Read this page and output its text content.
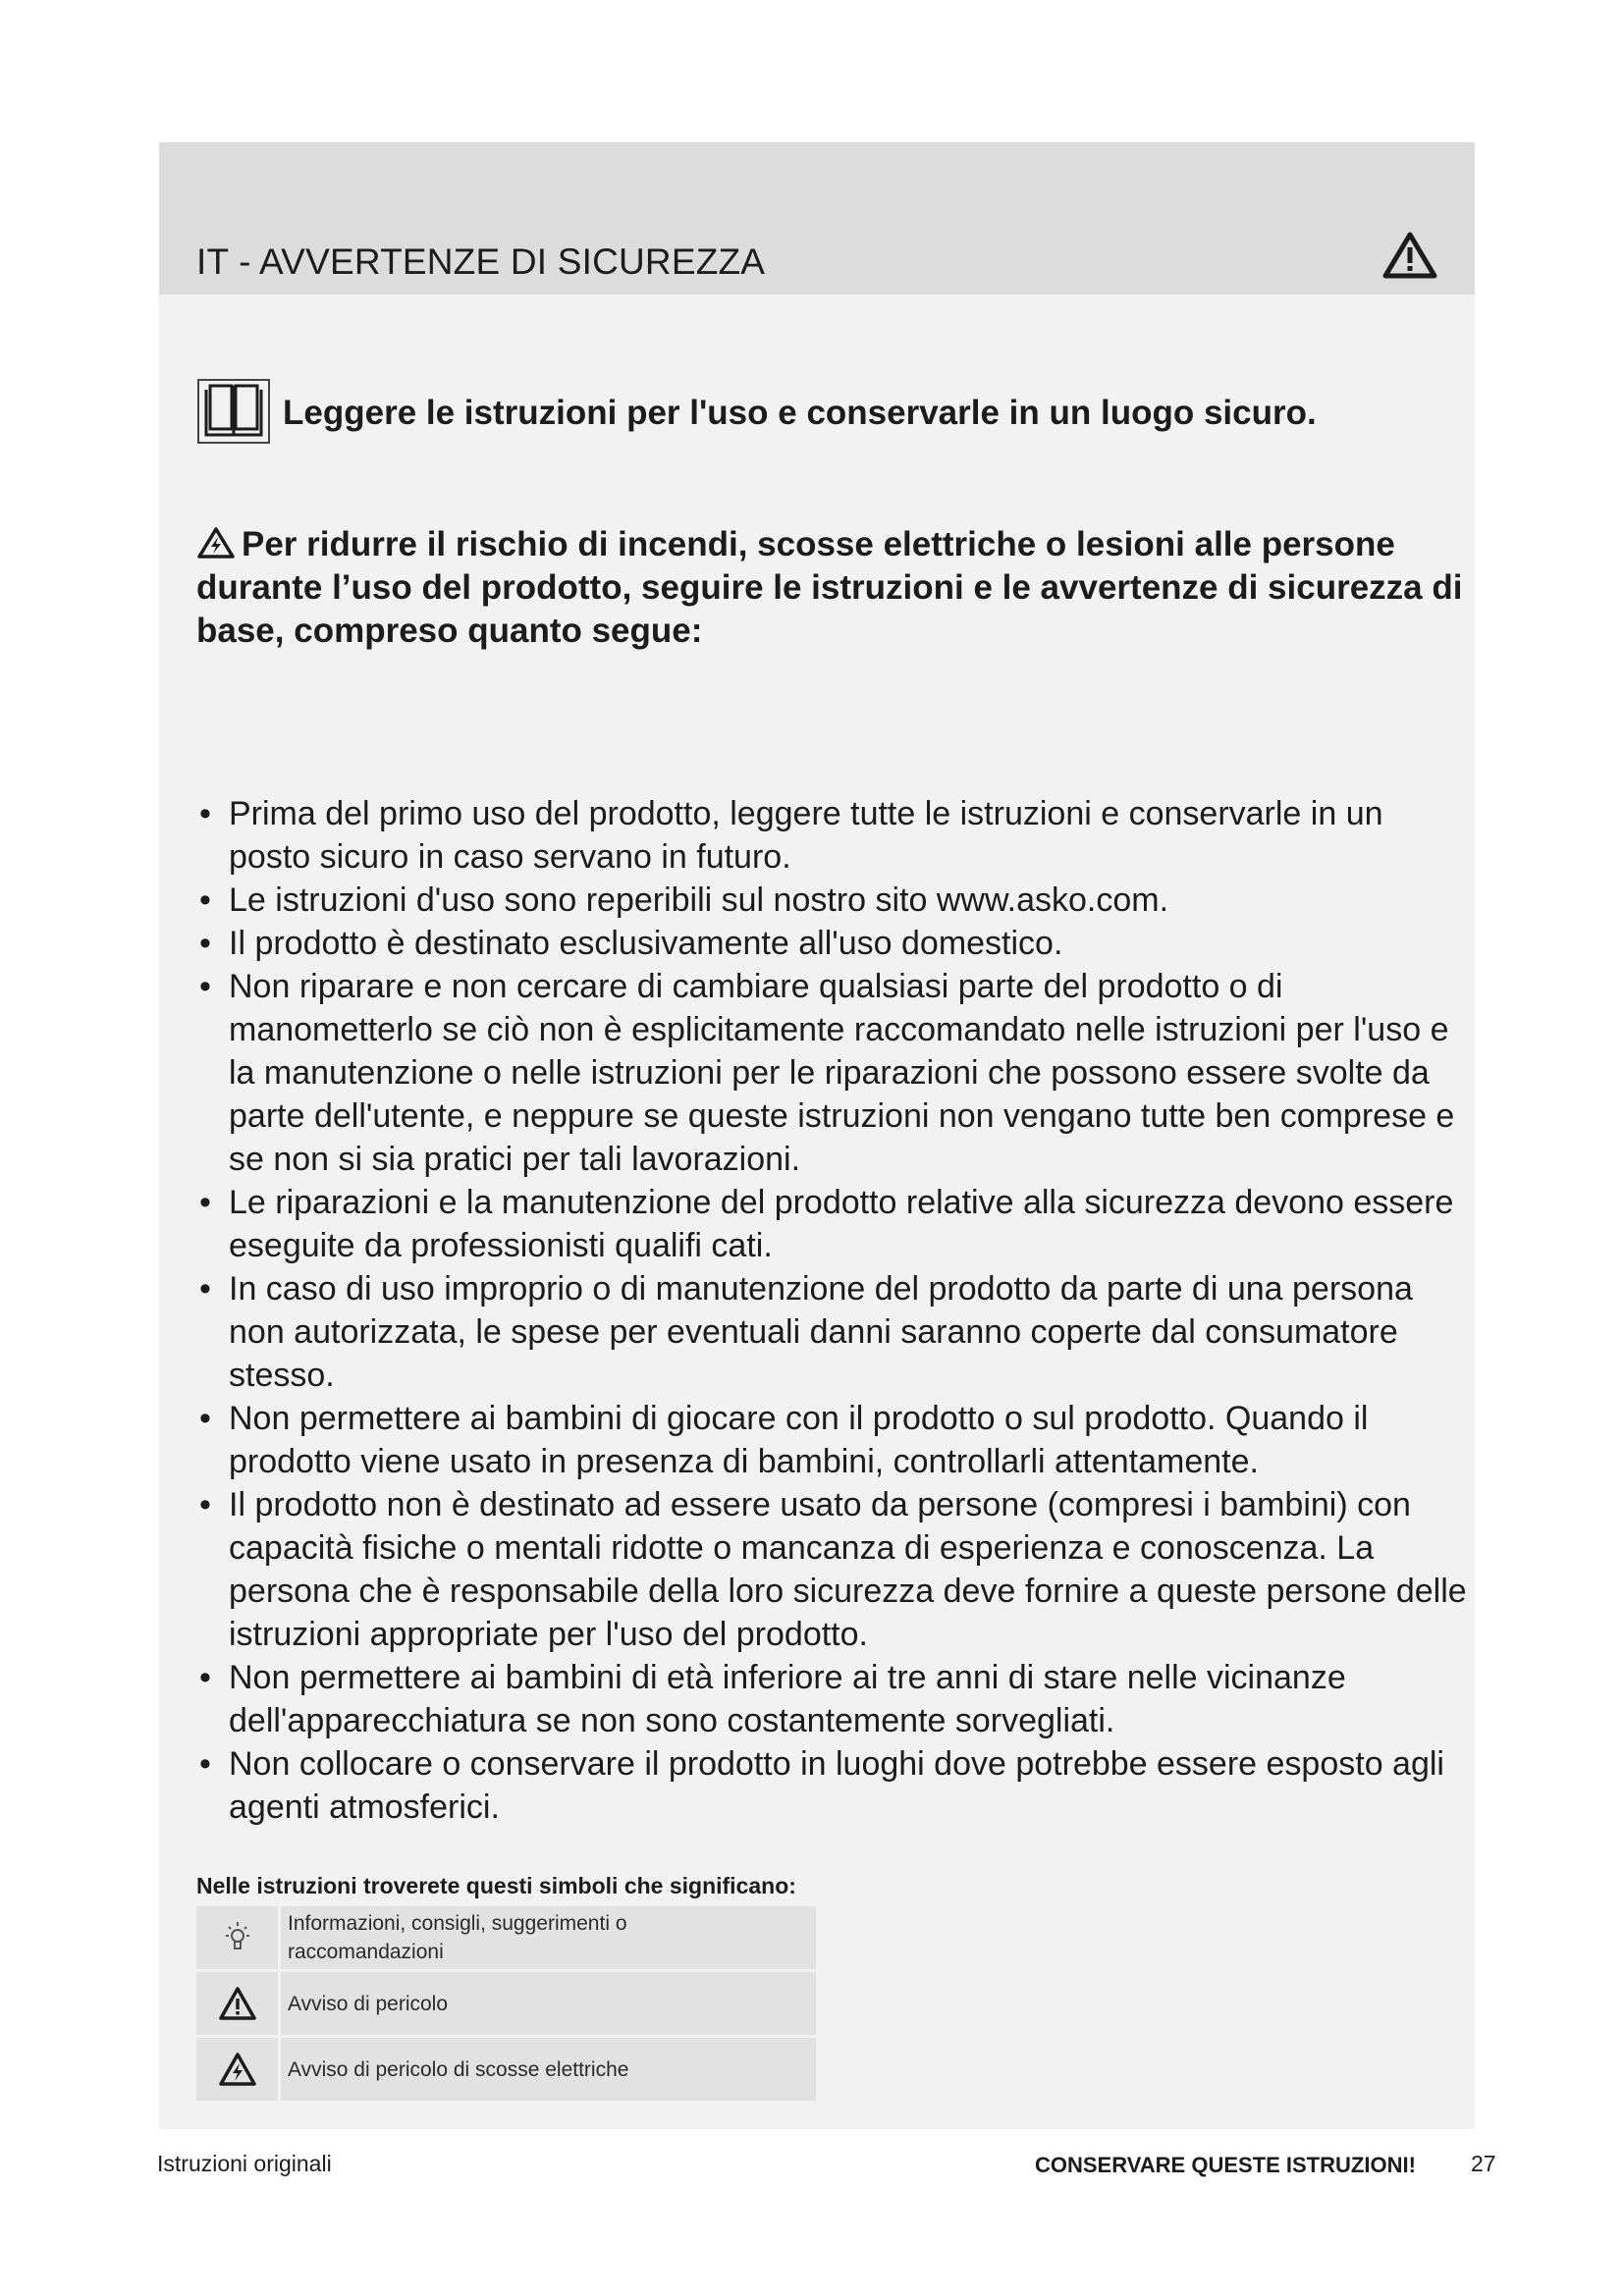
IT - AVVERTENZE DI SICUREZZA
Leggere le istruzioni per l'uso e conservarle in un luogo sicuro.
Per ridurre il rischio di incendi, scosse elettriche o lesioni alle persone durante l’uso del prodotto, seguire le istruzioni e le avvertenze di sicurezza di base, compreso quanto segue:
• Prima del primo uso del prodotto, leggere tutte le istruzioni e conservarle in un posto sicuro in caso servano in futuro.
• Le istruzioni d'uso sono reperibili sul nostro sito www.asko.com.
• Il prodotto è destinato esclusivamente all'uso domestico.
• Non riparare e non cercare di cambiare qualsiasi parte del prodotto o di manometterlo se ciò non è esplicitamente raccomandato nelle istruzioni per l'uso e la manutenzione o nelle istruzioni per le riparazioni che possono essere svolte da parte dell'utente, e neppure se queste istruzioni non vengano tutte ben comprese e se non si sia pratici per tali lavorazioni.
• Le riparazioni e la manutenzione del prodotto relative alla sicurezza devono essere eseguite da professionisti qualifi cati.
• In caso di uso improprio o di manutenzione del prodotto da parte di una persona non autorizzata, le spese per eventuali danni saranno coperte dal consumatore stesso.
• Non permettere ai bambini di giocare con il prodotto o sul prodotto. Quando il prodotto viene usato in presenza di bambini, controllarli attentamente.
• Il prodotto non è destinato ad essere usato da persone (compresi i bambini) con capacità fisiche o mentali ridotte o mancanza di esperienza e conoscenza. La persona che è responsabile della loro sicurezza deve fornire a queste persone delle istruzioni appropriate per l'uso del prodotto.
• Non permettere ai bambini di età inferiore ai tre anni di stare nelle vicinanze dell'apparecchiatura se non sono costantemente sorvegliati.
• Non collocare o conservare il prodotto in luoghi dove potrebbe essere esposto agli agenti atmosferici.
Nelle istruzioni troverete questi simboli che significano:
Informazioni, consigli, suggerimenti o
raccomandazioni
Avviso di pericolo
Avviso di pericolo di scosse elettriche
Istruzioni originali	CONSERVARE QUESTE ISTRUZIONI! 27
